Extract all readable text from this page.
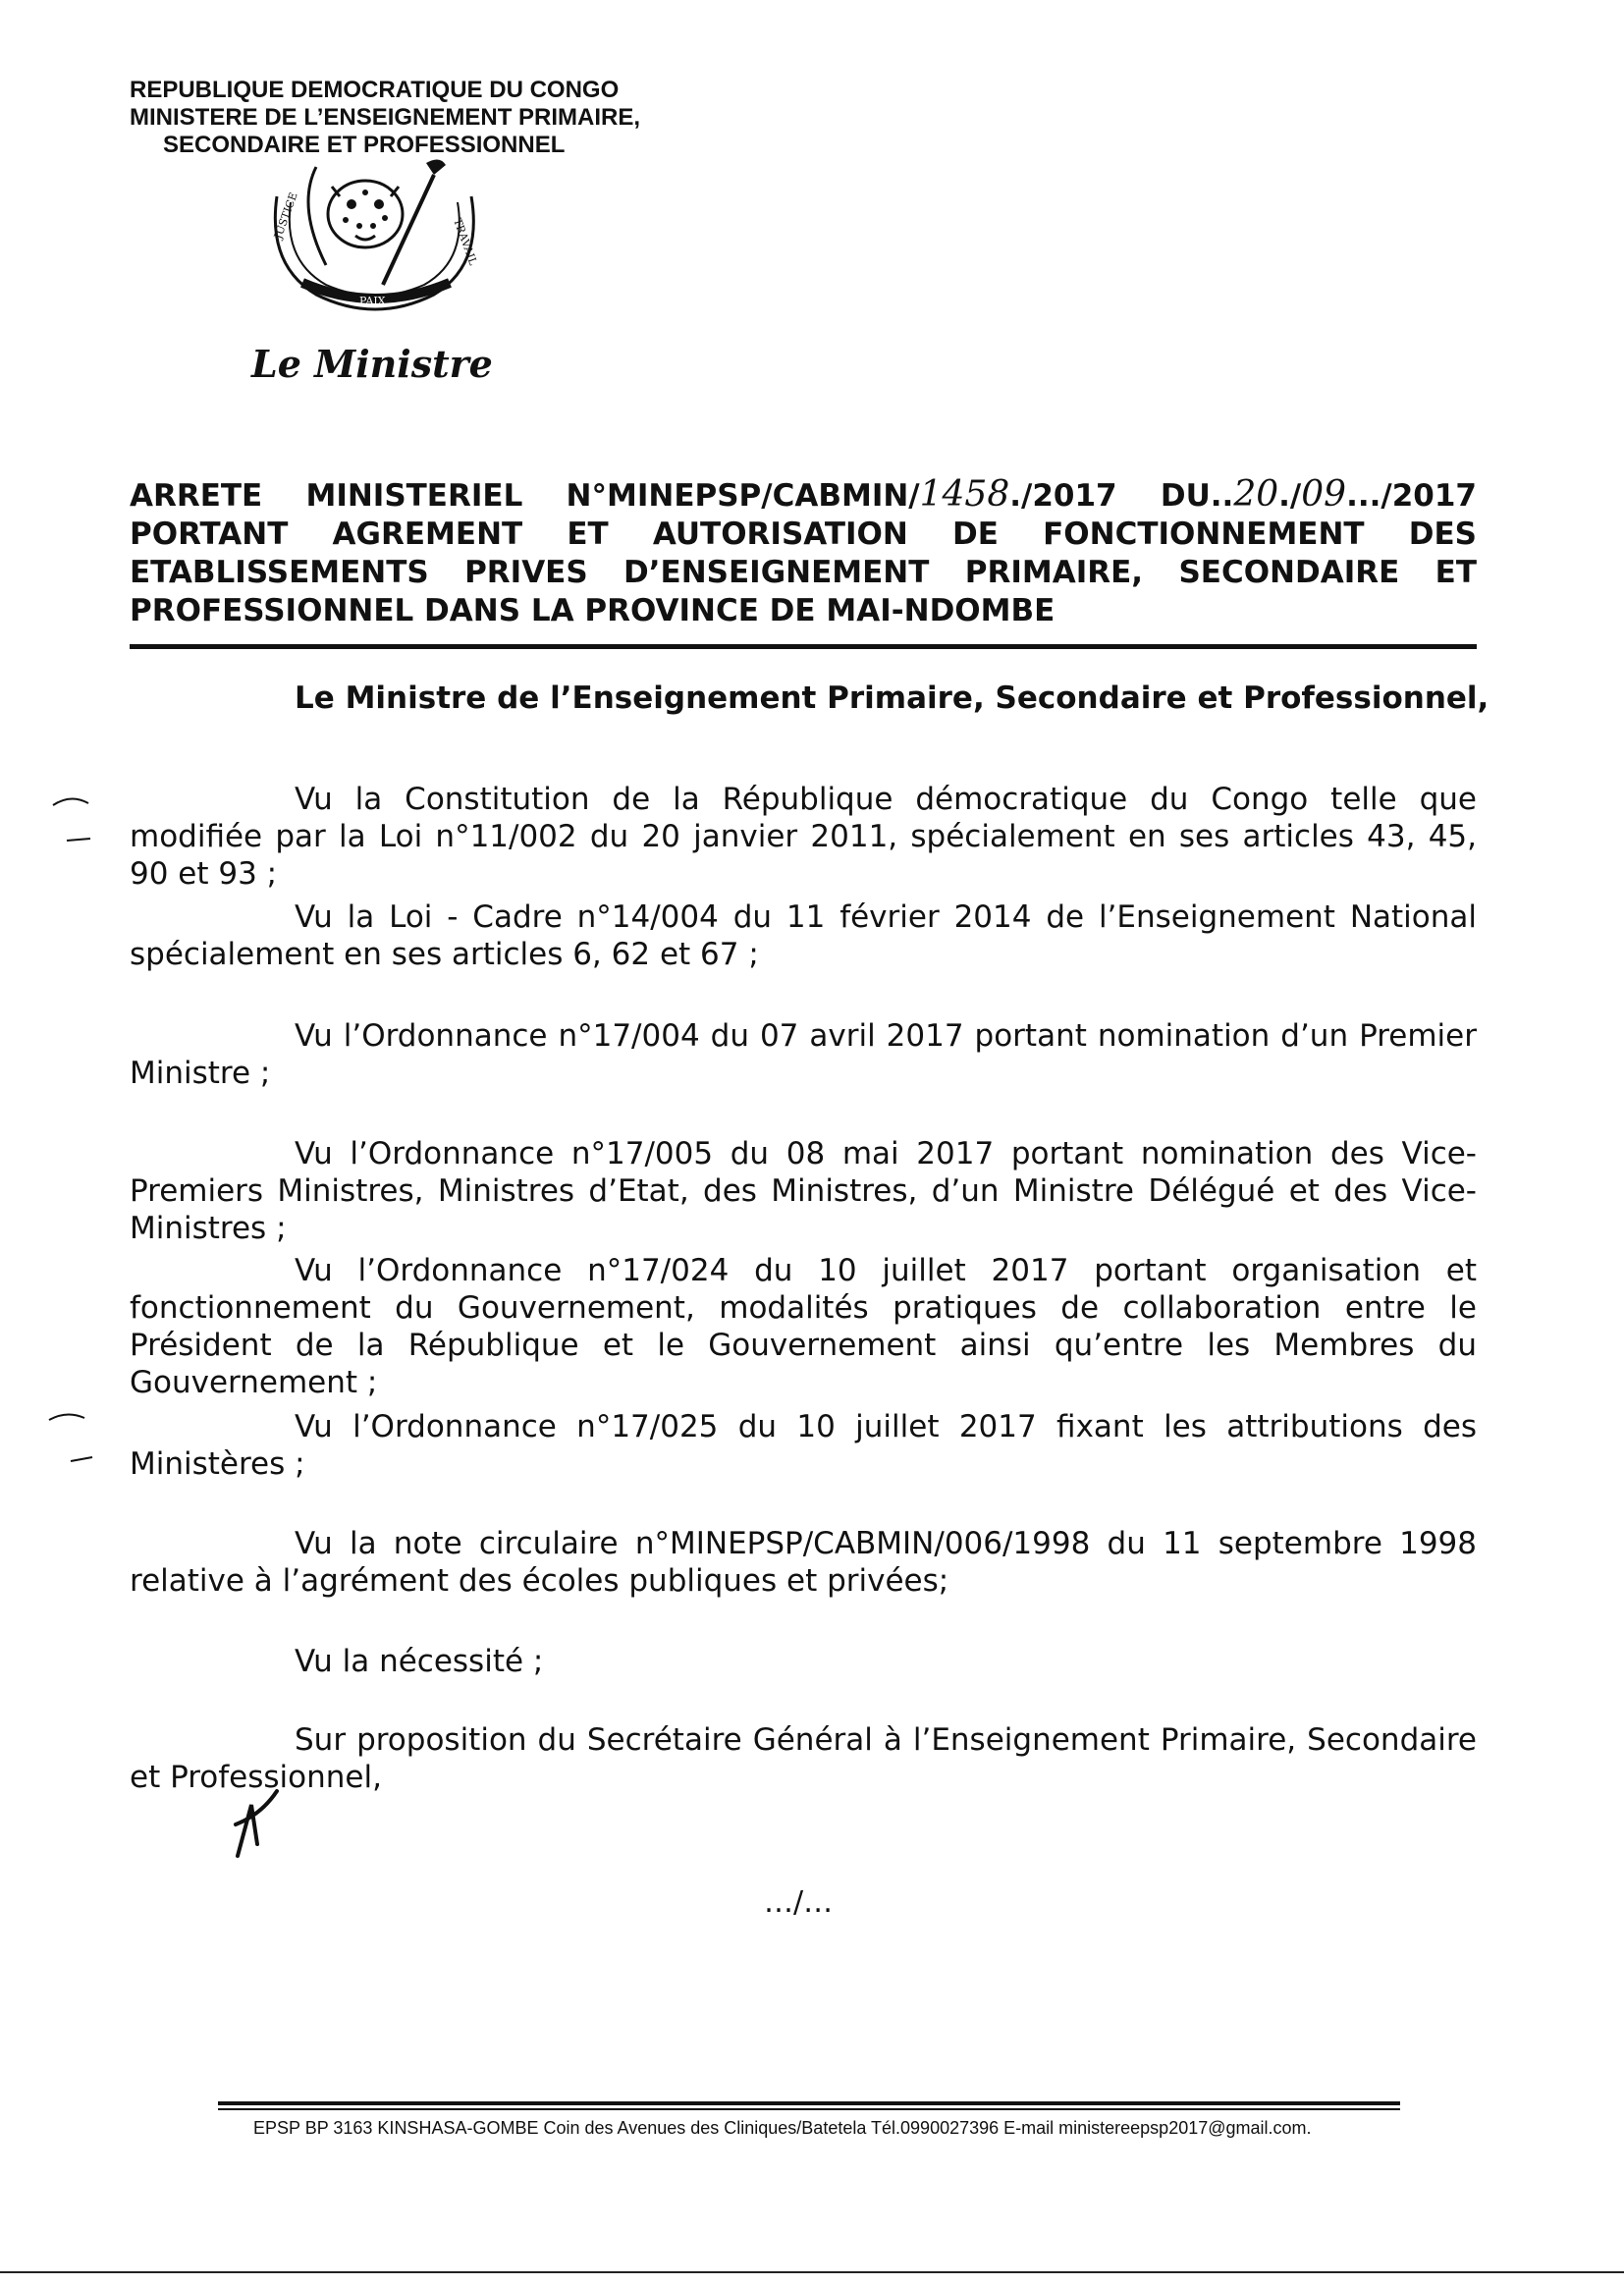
REPUBLIQUE DEMOCRATIQUE DU CONGO
MINISTERE DE L’ENSEIGNEMENT PRIMAIRE,
SECONDAIRE ET PROFESSIONNEL
JUSTICE
PAIX
TRAVAIL
Le Ministre
ARRETE MINISTERIEL N°MINEPSP/CABMIN/1458./2017 DU..20./09.../2017
PORTANT AGREMENT ET AUTORISATION DE FONCTIONNEMENT DES
ETABLISSEMENTS PRIVES D’ENSEIGNEMENT PRIMAIRE, SECONDAIRE ET
PROFESSIONNEL DANS LA PROVINCE DE MAI-NDOMBE
Le Ministre de l’Enseignement Primaire, Secondaire et Professionnel,
Vu la Constitution de la République démocratique du Congo telle que modifiée par la Loi n°11/002 du 20 janvier 2011, spécialement en ses articles 43, 45, 90 et 93 ;
Vu la Loi - Cadre n°14/004 du 11 février 2014 de l’Enseignement National spécialement en ses articles 6, 62 et 67 ;
Vu l’Ordonnance n°17/004 du 07 avril 2017 portant nomination d’un Premier Ministre ;
Vu l’Ordonnance n°17/005 du 08 mai 2017 portant nomination des Vice-Premiers Ministres, Ministres d’Etat, des Ministres, d’un Ministre Délégué et des Vice-Ministres ;
Vu l’Ordonnance n°17/024 du 10 juillet 2017 portant organisation et fonctionnement du Gouvernement, modalités pratiques de collaboration entre le Président de la République et le Gouvernement ainsi qu’entre les Membres du Gouvernement ;
Vu l’Ordonnance n°17/025 du 10 juillet 2017 fixant les attributions des Ministères ;
Vu la note circulaire n°MINEPSP/CABMIN/006/1998 du 11 septembre 1998 relative à l’agrément des écoles publiques et privées;
Vu la nécessité ;
Sur proposition du Secrétaire Général à l’Enseignement Primaire, Secondaire et Professionnel,
…/…
EPSP BP 3163 KINSHASA-GOMBE Coin des Avenues des Cliniques/Batetela Tél.0990027396 E-mail ministereepsp2017@gmail.com.
